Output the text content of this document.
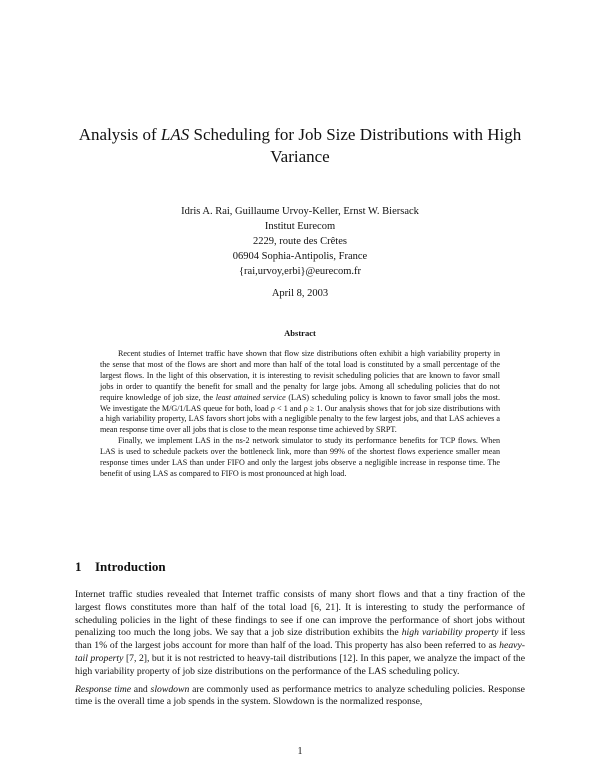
Analysis of LAS Scheduling for Job Size Distributions with High Variance
Idris A. Rai, Guillaume Urvoy-Keller, Ernst W. Biersack
Institut Eurecom
2229, route des Crêtes
06904 Sophia-Antipolis, France
{rai,urvoy,erbi}@eurecom.fr
April 8, 2003
Abstract

Recent studies of Internet traffic have shown that flow size distributions often exhibit a high variability property in the sense that most of the flows are short and more than half of the total load is constituted by a small percentage of the largest flows. In the light of this observation, it is interesting to revisit scheduling policies that are known to favor small jobs in order to quantify the benefit for small and the penalty for large jobs. Among all scheduling policies that do not require knowledge of job size, the least attained service (LAS) scheduling policy is known to favor small jobs the most. We investigate the M/G/1/LAS queue for both, load ρ < 1 and ρ ≥ 1. Our analysis shows that for job size distributions with a high variability property, LAS favors short jobs with a negligible penalty to the few largest jobs, and that LAS achieves a mean response time over all jobs that is close to the mean response time achieved by SRPT.

Finally, we implement LAS in the ns-2 network simulator to study its performance benefits for TCP flows. When LAS is used to schedule packets over the bottleneck link, more than 99% of the shortest flows experience smaller mean response times under LAS than under FIFO and only the largest jobs observe a negligible increase in response time. The benefit of using LAS as compared to FIFO is most pronounced at high load.

1 Introduction

Internet traffic studies revealed that Internet traffic consists of many short flows and that a tiny fraction of the largest flows constitutes more than half of the total load [6, 21]. It is interesting to study the performance of scheduling policies in the light of these findings to see if one can improve the performance of short jobs without penalizing too much the long jobs. We say that a job size distribution exhibits the high variability property if less than 1% of the largest jobs account for more than half of the load. This property has also been referred to as heavy-tail property [7, 2], but it is not restricted to heavy-tail distributions [12]. In this paper, we analyze the impact of the high variability property of job size distributions on the performance of the LAS scheduling policy.

Response time and slowdown are commonly used as performance metrics to analyze scheduling policies. Response time is the overall time a job spends in the system. Slowdown is the normalized response,

1
